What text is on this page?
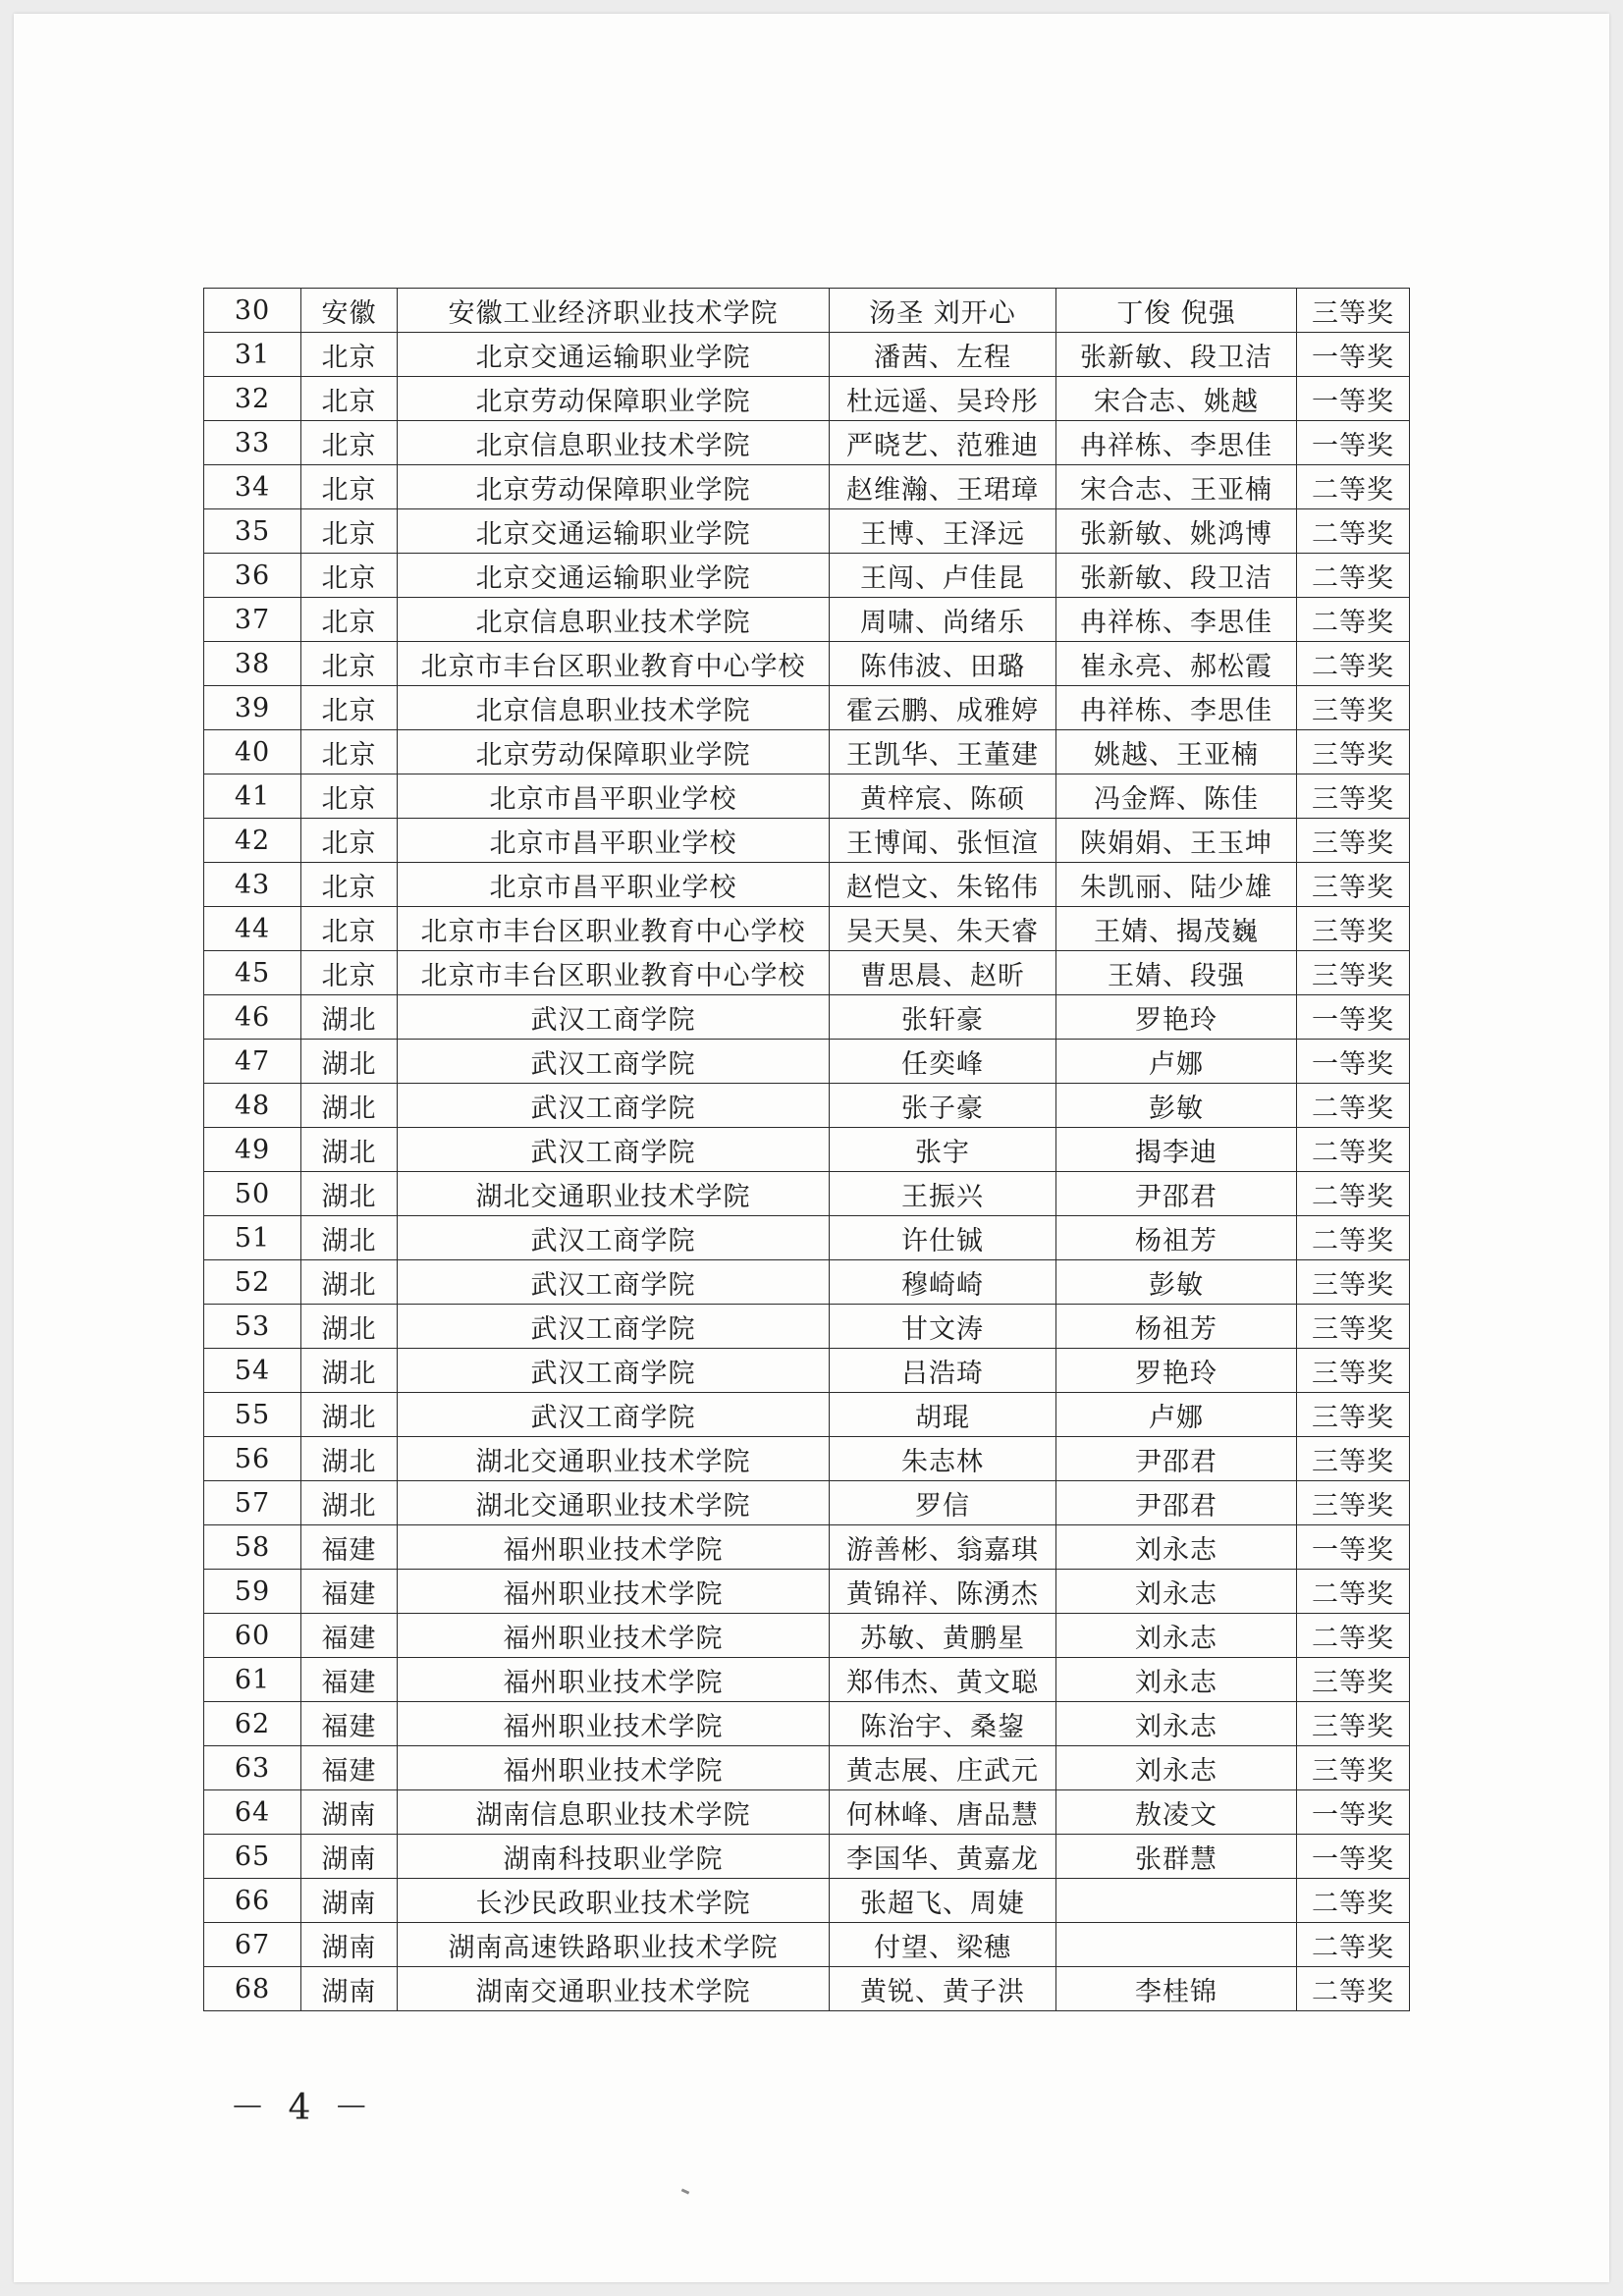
30	安徽	安徽工业经济职业技术学院	汤圣 刘开心	丁俊 倪强	三等奖
31	北京	北京交通运输职业学院	潘茜、左程	张新敏、段卫洁	一等奖
32	北京	北京劳动保障职业学院	杜远遥、吴玲彤	宋合志、姚越	一等奖
33	北京	北京信息职业技术学院	严晓艺、范雅迪	冉祥栋、李思佳	一等奖
34	北京	北京劳动保障职业学院	赵维瀚、王珺璋	宋合志、王亚楠	二等奖
35	北京	北京交通运输职业学院	王博、王泽远	张新敏、姚鸿博	二等奖
36	北京	北京交通运输职业学院	王闯、卢佳昆	张新敏、段卫洁	二等奖
37	北京	北京信息职业技术学院	周啸、尚绪乐	冉祥栋、李思佳	二等奖
38	北京	北京市丰台区职业教育中心学校	陈伟波、田璐	崔永亮、郝松霞	二等奖
39	北京	北京信息职业技术学院	霍云鹏、成雅婷	冉祥栋、李思佳	三等奖
40	北京	北京劳动保障职业学院	王凯华、王董建	姚越、王亚楠	三等奖
41	北京	北京市昌平职业学校	黄梓宸、陈硕	冯金辉、陈佳	三等奖
42	北京	北京市昌平职业学校	王博闻、张恒渲	陕娟娟、王玉坤	三等奖
43	北京	北京市昌平职业学校	赵恺文、朱铭伟	朱凯丽、陆少雄	三等奖
44	北京	北京市丰台区职业教育中心学校	吴天昊、朱天睿	王婧、揭茂巍	三等奖
45	北京	北京市丰台区职业教育中心学校	曹思晨、赵昕	王婧、段强	三等奖
46	湖北	武汉工商学院	张轩豪	罗艳玲	一等奖
47	湖北	武汉工商学院	任奕峰	卢娜	一等奖
48	湖北	武汉工商学院	张子豪	彭敏	二等奖
49	湖北	武汉工商学院	张宇	揭李迪	二等奖
50	湖北	湖北交通职业技术学院	王振兴	尹邵君	二等奖
51	湖北	武汉工商学院	许仕铖	杨祖芳	二等奖
52	湖北	武汉工商学院	穆崎崎	彭敏	三等奖
53	湖北	武汉工商学院	甘文涛	杨祖芳	三等奖
54	湖北	武汉工商学院	吕浩琦	罗艳玲	三等奖
55	湖北	武汉工商学院	胡琨	卢娜	三等奖
56	湖北	湖北交通职业技术学院	朱志林	尹邵君	三等奖
57	湖北	湖北交通职业技术学院	罗信	尹邵君	三等奖
58	福建	福州职业技术学院	游善彬、翁嘉琪	刘永志	一等奖
59	福建	福州职业技术学院	黄锦祥、陈湧杰	刘永志	二等奖
60	福建	福州职业技术学院	苏敏、黄鹏星	刘永志	二等奖
61	福建	福州职业技术学院	郑伟杰、黄文聪	刘永志	三等奖
62	福建	福州职业技术学院	陈治宇、桑鋆	刘永志	三等奖
63	福建	福州职业技术学院	黄志展、庄武元	刘永志	三等奖
64	湖南	湖南信息职业技术学院	何林峰、唐品慧	敖凌文	一等奖
65	湖南	湖南科技职业学院	李国华、黄嘉龙	张群慧	一等奖
66	湖南	长沙民政职业技术学院	张超飞、周婕		二等奖
67	湖南	湖南高速铁路职业技术学院	付望、梁穗		二等奖
68	湖南	湖南交通职业技术学院	黄锐、黄子洪	李桂锦	二等奖
－ 4 －
